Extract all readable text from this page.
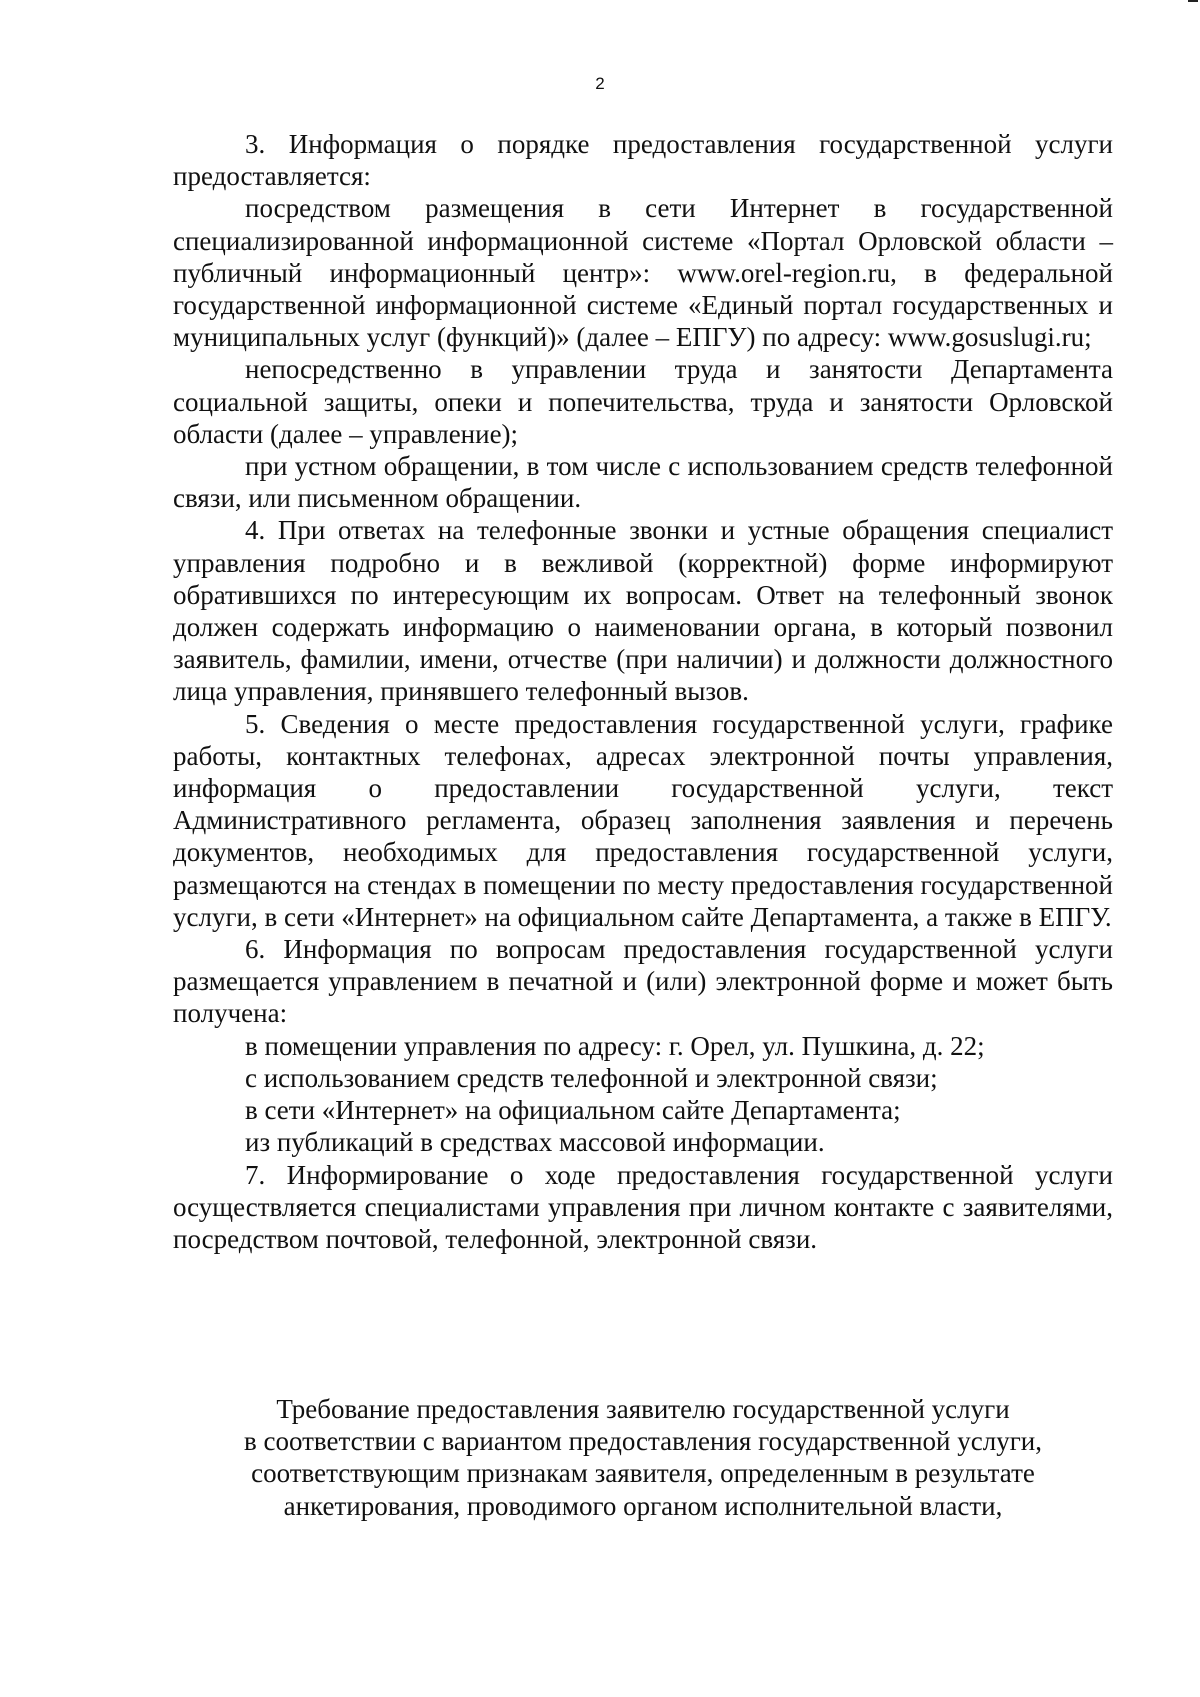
2

3. Информация о порядке предоставления государственной услуги предоставляется:

посредством размещения в сети Интернет в государственной специализированной информационной системе «Портал Орловской области – публичный информационный центр»: www.orel-region.ru, в федеральной государственной информационной системе «Единый портал государственных и муниципальных услуг (функций)» (далее – ЕПГУ) по адресу: www.gosuslugi.ru;

непосредственно в управлении труда и занятости Департамента социальной защиты, опеки и попечительства, труда и занятости Орловской области (далее – управление);

при устном обращении, в том числе с использованием средств телефонной связи, или письменном обращении.

4. При ответах на телефонные звонки и устные обращения специалист управления подробно и в вежливой (корректной) форме информируют обратившихся по интересующим их вопросам. Ответ на телефонный звонок должен содержать информацию о наименовании органа, в который позвонил заявитель, фамилии, имени, отчестве (при наличии) и должности должностного лица управления, принявшего телефонный вызов.

5. Сведения о месте предоставления государственной услуги, графике работы, контактных телефонах, адресах электронной почты управления, информация о предоставлении государственной услуги, текст Административного регламента, образец заполнения заявления и перечень документов, необходимых для предоставления государственной услуги, размещаются на стендах в помещении по месту предоставления государственной услуги, в сети «Интернет» на официальном сайте Департамента, а также в ЕПГУ.

6. Информация по вопросам предоставления государственной услуги размещается управлением в печатной и (или) электронной форме и может быть получена:

в помещении управления по адресу: г. Орел, ул. Пушкина, д. 22;

с использованием средств телефонной и электронной связи;

в сети «Интернет» на официальном сайте Департамента;

из публикаций в средствах массовой информации.

7. Информирование о ходе предоставления государственной услуги осуществляется специалистами управления при личном контакте с заявителями, посредством почтовой, телефонной, электронной связи.

Требование предоставления заявителю государственной услуги
в соответствии с вариантом предоставления государственной услуги,
соответствующим признакам заявителя, определенным в результате
анкетирования, проводимого органом исполнительной власти,
